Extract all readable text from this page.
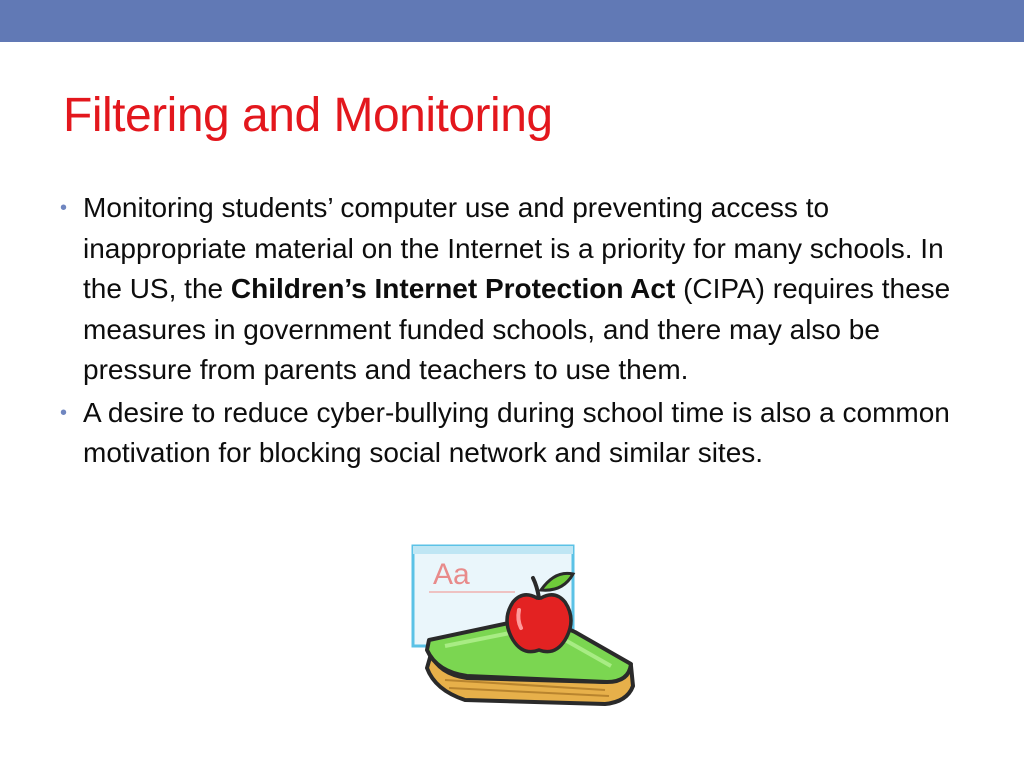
Filtering and Monitoring
• Monitoring students’ computer use and preventing access to inappropriate material on the Internet is a priority for many schools. In the US, the Children’s Internet Protection Act (CIPA) requires these measures in government funded schools, and there may also be pressure from parents and teachers to use them.
• A desire to reduce cyber-bullying during school time is also a common motivation for blocking social network and similar sites.
Aa
